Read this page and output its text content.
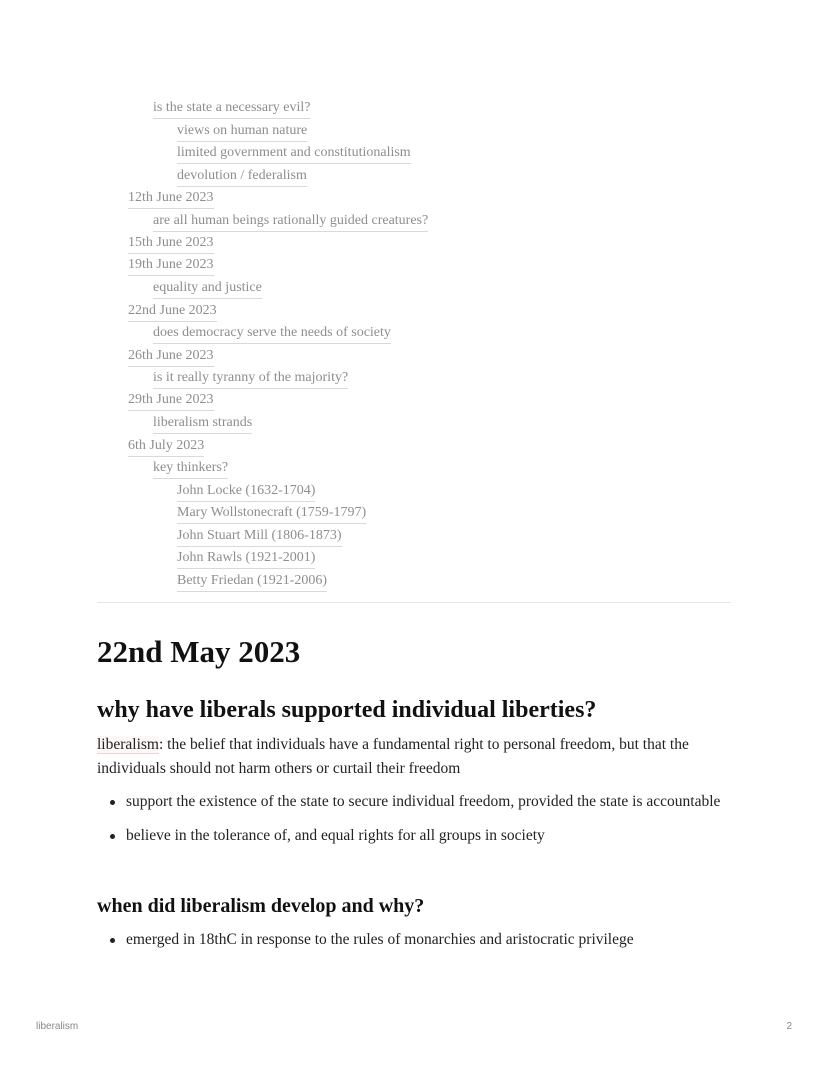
is the state a necessary evil?
views on human nature
limited government and constitutionalism
devolution / federalism
12th June 2023
are all human beings rationally guided creatures?
15th June 2023
19th June 2023
equality and justice
22nd June 2023
does democracy serve the needs of society
26th June 2023
is it really tyranny of the majority?
29th June 2023
liberalism strands
6th July 2023
key thinkers?
John Locke (1632-1704)
Mary Wollstonecraft (1759-1797)
John Stuart Mill (1806-1873)
John Rawls (1921-2001)
Betty Friedan (1921-2006)
22nd May 2023
why have liberals supported individual liberties?

liberalism: the belief that individuals have a fundamental right to personal freedom, but that the individuals should not harm others or curtail their freedom

support the existence of the state to secure individual freedom, provided the state is accountable
believe in the tolerance of, and equal rights for all groups in society
when did liberalism develop and why?
emerged in 18thC in response to the rules of monarchies and aristocratic privilege
liberalism	2
